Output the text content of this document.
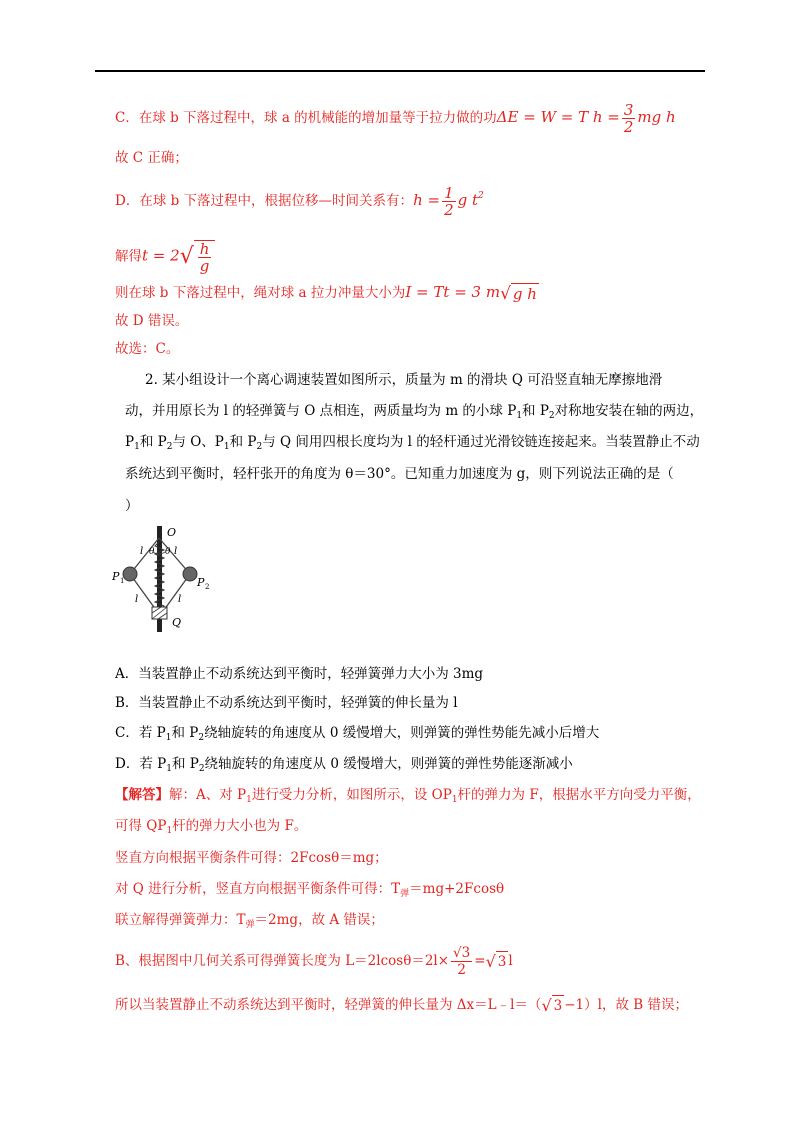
C．在球 b 下落过程中，球 a 的机械能的增加量等于拉力做的功ΔE = W = T $h = \frac{3}{2}$ mg h
故 C 正确；
D．在球 b 下落过程中，根据位移—时间关系有：$h = \frac{1}{2}$ g $t^2$
解得t = 2 √ $\frac{h}{g}$
则在球 b 下落过程中，绳对球 a 拉力冲量大小为I = Tt = 3 m √ g h
故 D 错误。
故选：C。
2. 某小组设计一个离心调速装置如图所示，质量为 m 的滑块 Q 可沿竖直轴无摩擦地滑
动，并用原长为 l 的轻弹簧与 O 点相连，两质量均为 m 的小球 $P_1$和 $P_2$对称地安装在轴的两边，
$P_1$和 $P_2$与 O、$P_1$和 $P_2$与 Q 间用四根长度均为 l 的轻杆通过光滑铰链连接起来。当装置静止不动
系统达到平衡时，轻杆张开的角度为 θ＝30°。已知重力加速度为 g，则下列说法正确的是（
）
O
Q
P 1	P 2
l	l
l	l
θ θ
A．当装置静止不动系统达到平衡时，轻弹簧弹力大小为 3mg
B．当装置静止不动系统达到平衡时，轻弹簧的伸长量为 l
C．若 $P_1$和 $P_2$绕轴旋转的角速度从 0 缓慢增大，则弹簧的弹性势能先减小后增大
D．若 $P_1$和 $P_2$绕轴旋转的角速度从 0 缓慢增大，则弹簧的弹性势能逐渐减小
【解答】解：A、对 $P_1$进行受力分析，如图所示，设 $OP_1$杆的弹力为 F，根据水平方向受力平衡，
可得 $QP_1$杆的弹力大小也为 F。
竖直方向根据平衡条件可得：2Fcosθ＝mg；
对 Q 进行分析，竖直方向根据平衡条件可得：$T_弹=mg+2Fcos\theta$
联立解得弹簧弹力：$T_弹=2mg$，故 A 错误；
B、根据图中几何关系可得弹簧长度为 $L=2lcos\theta=2l\times \frac{√3}{2}$ = √ 3 l
所以当装置静止不动系统达到平衡时，轻弹簧的伸长量为 Δx＝L﹣l＝（ √ 3 −1）l，故 B 错误；
